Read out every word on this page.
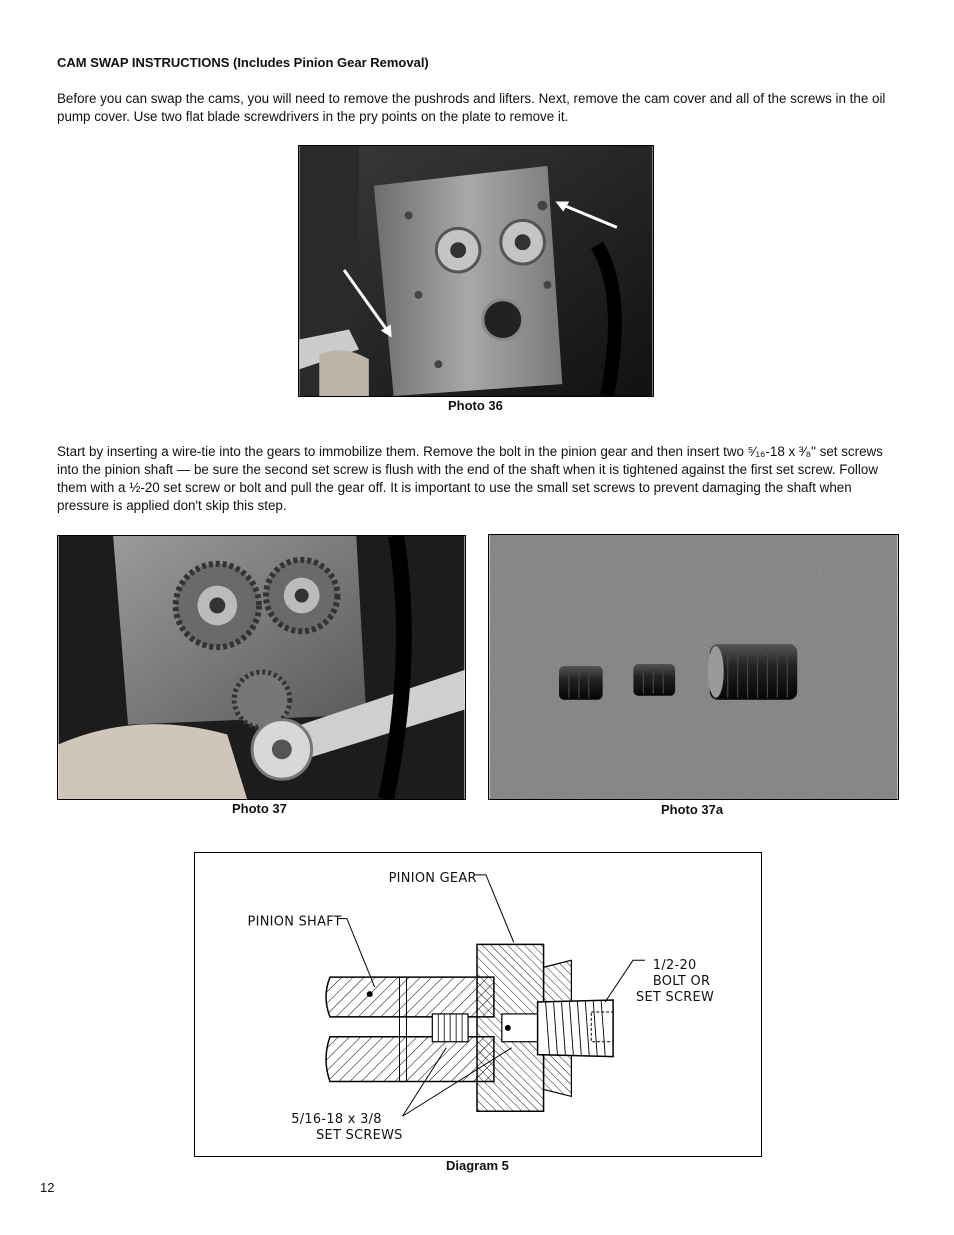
CAM SWAP INSTRUCTIONS (Includes Pinion Gear Removal)
Before you can swap the cams, you will need to remove the pushrods and lifters. Next, remove the cam cover and all of the screws in the oil pump cover. Use two flat blade screwdrivers in the pry points on the plate to remove it.
Photo 36
Start by inserting a wire-tie into the gears to immobilize them. Remove the bolt in the pinion gear and then insert two ⁵⁄₁₆-18 x ³⁄₈" set screws into the pinion shaft — be sure the second set screw is flush with the end of the shaft when it is tightened against the first set screw. Follow them with a ½-20 set screw or bolt and pull the gear off. It is important to use the small set screws to prevent damaging the shaft when pressure is applied don't skip this step.
Photo 37	Photo 37a
PINION GEAR
PINION SHAFT
1/2-20
BOLT OR
SET SCREW
5/16-18 x 3/8
SET SCREWS
Diagram 5
12
